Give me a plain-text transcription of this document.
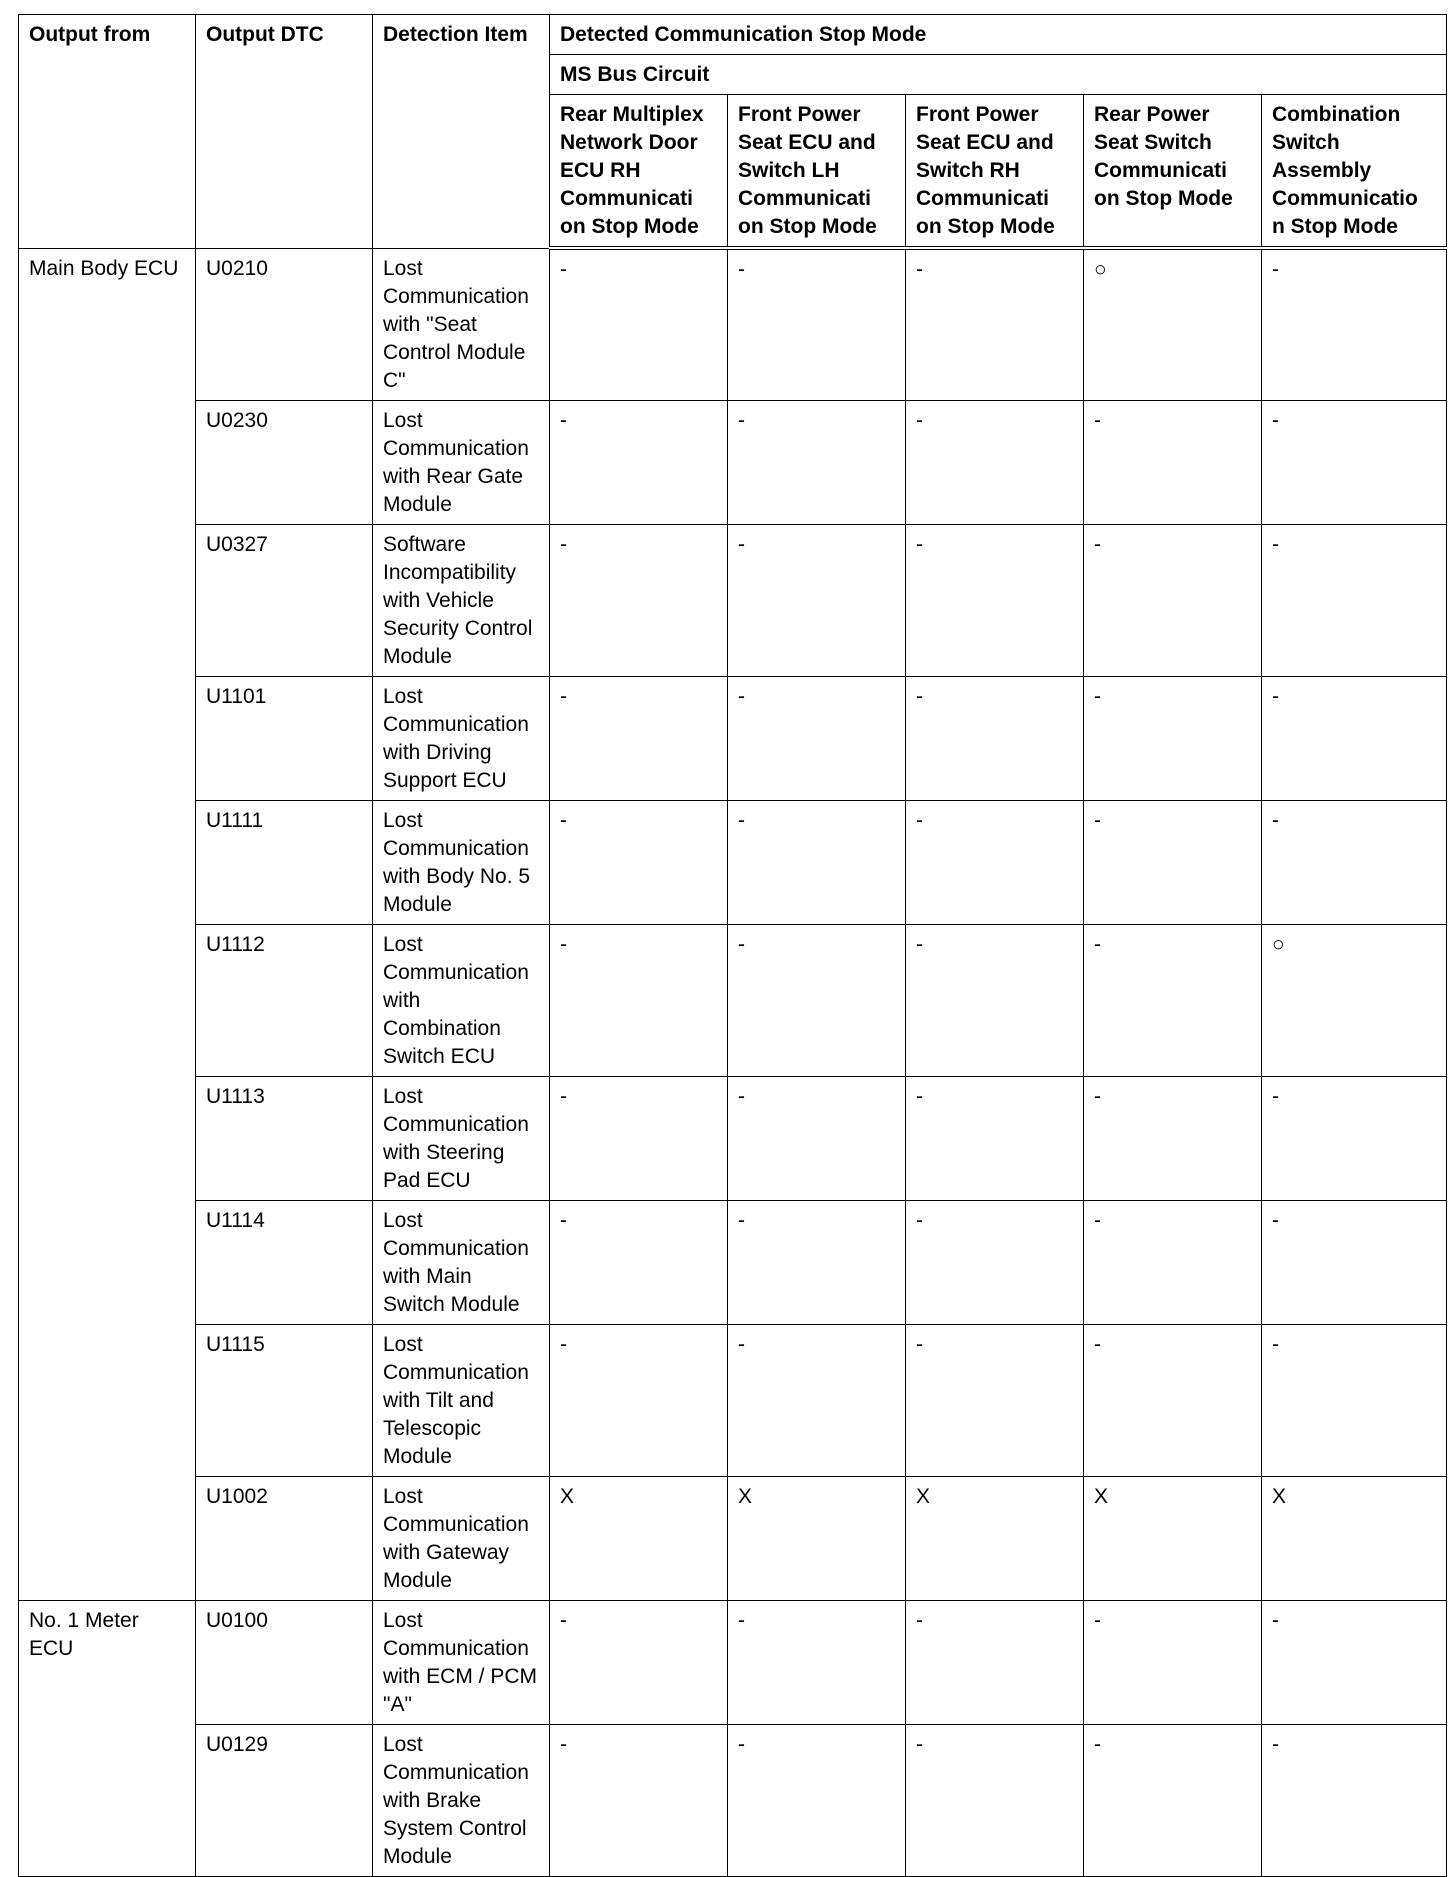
Output from	Output DTC	Detection Item	Detected Communication Stop Mode				
			MS Bus Circuit				
			Rear Multiplex Network Door ECU RH Communicati on Stop Mode	Front Power Seat ECU and Switch LH Communicati on Stop Mode	Front Power Seat ECU and Switch RH Communicati on Stop Mode	Rear Power Seat Switch Communicati on Stop Mode	Combination Switch Assembly Communicatio n Stop Mode
Main Body ECU	U0210	Lost Communication with "Seat Control Module C"	-	-	-	○	-
	U0230	Lost Communication with Rear Gate Module	-	-	-	-	-
	U0327	Software Incompatibility with Vehicle Security Control Module	-	-	-	-	-
	U1101	Lost Communication with Driving Support ECU	-	-	-	-	-
	U1111	Lost Communication with Body No. 5 Module	-	-	-	-	-
	U1112	Lost Communication with Combination Switch ECU	-	-	-	-	○
	U1113	Lost Communication with Steering Pad ECU	-	-	-	-	-
	U1114	Lost Communication with Main Switch Module	-	-	-	-	-
	U1115	Lost Communication with Tilt and Telescopic Module	-	-	-	-	-
	U1002	Lost Communication with Gateway Module	X	X	X	X	X
No. 1 Meter ECU	U0100	Lost Communication with ECM / PCM "A"	-	-	-	-	-
	U0129	Lost Communication with Brake System Control Module	-	-	-	-	-
